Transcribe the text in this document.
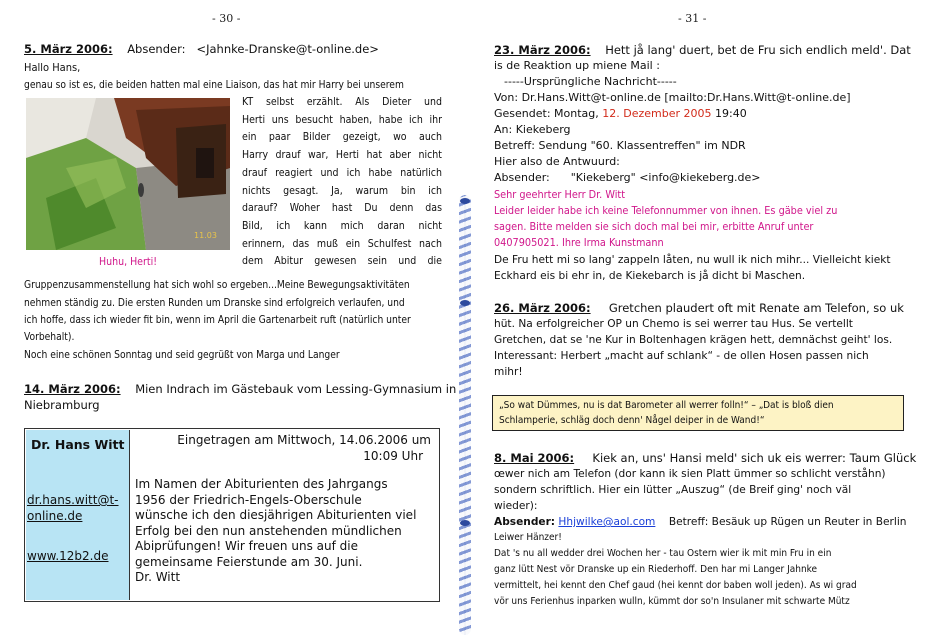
- 30 -
5. März 2006: Absender: <Jahnke-Dranske@t-online.de>
Hallo Hans,
genau so ist es, die beiden hatten mal eine Liaison, das hat mir Harry bei unserem
11.03
Huhu, Herti!
KT selbst erzählt. Als Dieter und
Herti uns besucht haben, habe ich ihr
ein paar Bilder gezeigt, wo auch
Harry drauf war, Herti hat aber nicht
drauf reagiert und ich habe natürlich
nichts gesagt. Ja, warum bin ich
darauf? Woher hast Du denn das
Bild, ich kann mich daran nicht
erinnern, das muß ein Schulfest nach
dem Abitur gewesen sein und die
Gruppenzusammenstellung hat sich wohl so ergeben...Meine Bewegungsaktivitäten
nehmen ständig zu. Die ersten Runden um Dranske sind erfolgreich verlaufen, und
ich hoffe, dass ich wieder fit bin, wenn im April die Gartenarbeit ruft (natürlich unter
Vorbehalt).
Noch eine schönen Sonntag und seid gegrüßt von Marga und Langer
14. März 2006: Mien Indrach im Gästebauk vom Lessing-Gymnasium in
Niebramburg
Dr. Hans Witt
dr.hans.witt@t-
online.de
www.12b2.de
Eingetragen am Mittwoch, 14.06.2006 um
10:09 Uhr
Im Namen der Abiturienten des Jahrgangs
1956 der Friedrich-Engels-Oberschule
wünsche ich den diesjährigen Abiturienten viel
Erfolg bei den nun anstehenden mündlichen
Abiprüfungen! Wir freuen uns auf die
gemeinsame Feierstunde am 30. Juni.
Dr. Witt
- 31 -
23. März 2006: Hett jå lang' duert, bet de Fru sich endlich meld'. Dat
is de Reaktion up miene Mail :
-----Ursprüngliche Nachricht-----
Von: Dr.Hans.Witt@t-online.de [mailto:Dr.Hans.Witt@t-online.de]
Gesendet: Montag, 12. Dezember 2005 19:40
An: Kiekeberg
Betreff: Sendung "60. Klassentreffen" im NDR
Hier also de Antwuurd:
Absender: "Kiekeberg" <info@kiekeberg.de>
Sehr geehrter Herr Dr. Witt
Leider leider habe ich keine Telefonnummer von ihnen. Es gäbe viel zu
sagen. Bitte melden sie sich doch mal bei mir, erbitte Anruf unter
0407905021. Ihre Irma Kunstmann
De Fru hett mi so lang' zappeln låten, nu wull ik nich mihr... Vielleicht kiekt
Eckhard eis bi ehr in, de Kiekebarch is jå dicht bi Maschen.
26. März 2006: Gretchen plaudert oft mit Renate am Telefon, so uk
hüt. Na erfolgreicher OP un Chemo is sei werrer tau Hus. Se vertellt
Gretchen, dat se 'ne Kur in Boltenhagen krägen hett, demnächst geiht' los.
Interessant: Herbert „macht auf schlank“ - de ollen Hosen passen nich
mihr!
„So wat Dümmes, nu is dat Barometer all werrer folln!“ – „Dat is bloß dien
Schlamperie, schläg doch denn' Någel deiper in de Wand!“
8. Mai 2006: Kiek an, uns' Hansi meld' sich uk eis werrer: Taum Glück
œwer nich am Telefon (dor kann ik sien Platt ümmer so schlicht verståhn)
sondern schriftlich. Hier ein lütter „Auszug“ (de Breif ging' noch väl
wieder):
Absender: Hhjwilke@aol.com Betreff: Besäuk up Rügen un Reuter in Berlin
Leiwer Hänzer!
Dat 's nu all wedder drei Wochen her - tau Ostern wier ik mit min Fru in ein
ganz lütt Nest vör Dranske up ein Riederhoff. Den har mi Langer Jahnke
vermittelt, hei kennt den Chef gaud (hei kennt dor baben woll jeden). As wi grad
vör uns Ferienhus inparken wulln, kümmt dor so'n Insulaner mit schwarte Mütz
